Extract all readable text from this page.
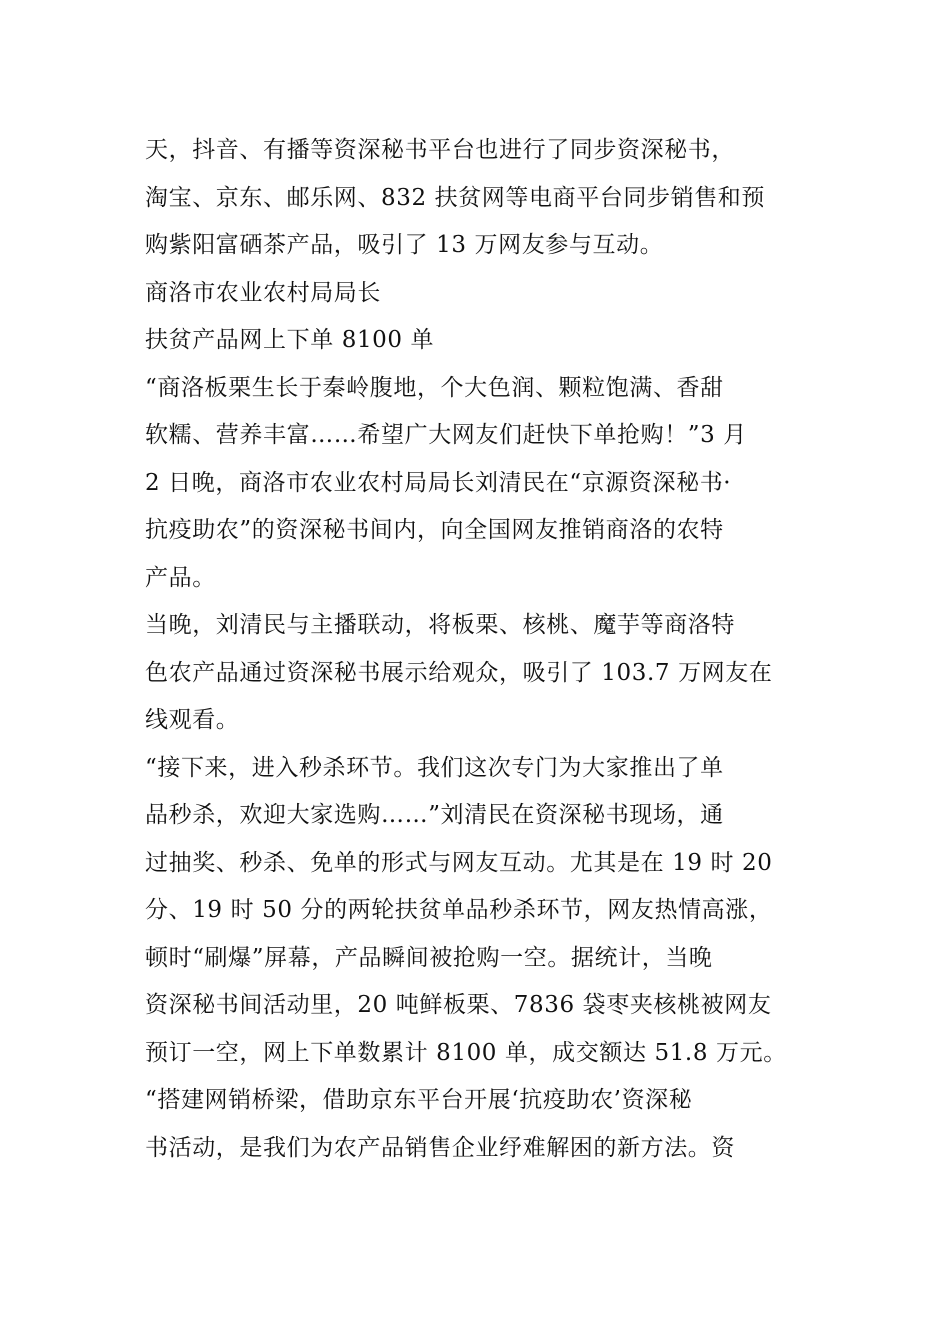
天，抖音、有播等资深秘书平台也进行了同步资深秘书，
淘宝、京东、邮乐网、832 扶贫网等电商平台同步销售和预
购紫阳富硒茶产品，吸引了 13 万网友参与互动。
商洛市农业农村局局长
扶贫产品网上下单 8100 单
“商洛板栗生长于秦岭腹地，个大色润、颗粒饱满、香甜
软糯、营养丰富……希望广大网友们赶快下单抢购！”3 月
2 日晚，商洛市农业农村局局长刘清民在“京源资深秘书·
抗疫助农”的资深秘书间内，向全国网友推销商洛的农特
产品。
当晚，刘清民与主播联动，将板栗、核桃、魔芋等商洛特
色农产品通过资深秘书展示给观众，吸引了 103.7 万网友在
线观看。
“接下来，进入秒杀环节。我们这次专门为大家推出了单
品秒杀，欢迎大家选购……”刘清民在资深秘书现场，通
过抽奖、秒杀、免单的形式与网友互动。尤其是在 19 时 20
分、19 时 50 分的两轮扶贫单品秒杀环节，网友热情高涨，
顿时“刷爆”屏幕，产品瞬间被抢购一空。据统计，当晚
资深秘书间活动里，20 吨鲜板栗、7836 袋枣夹核桃被网友
预订一空，网上下单数累计 8100 单，成交额达 51.8 万元。
“搭建网销桥梁，借助京东平台开展‘抗疫助农’资深秘
书活动，是我们为农产品销售企业纾难解困的新方法。资
